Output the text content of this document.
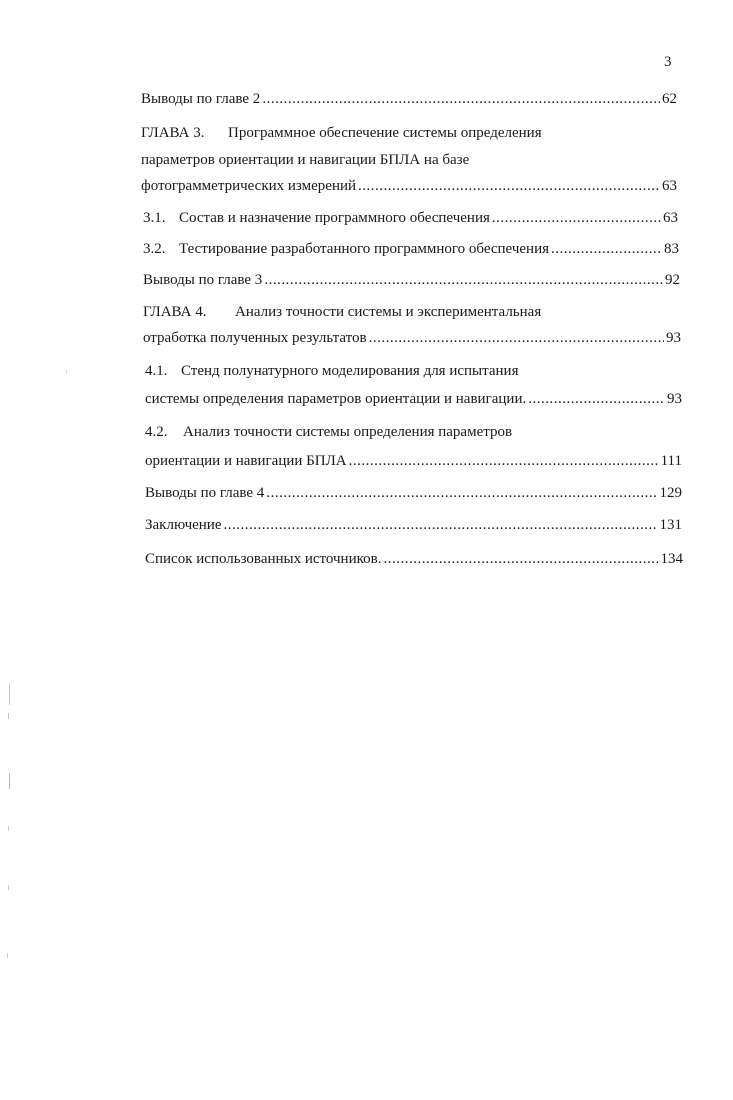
3
Выводы по главе 2 .....	62
ГЛАВА 3. Программное обеспечение системы определения
параметров ориентации и навигации БПЛА на базе
фотограмметрических измерений .....	63
3.1. Состав и назначение программного обеспечения .....	63
3.2. Тестирование разработанного программного обеспечения .....	83
Выводы по главе 3 .....	92
ГЛАВА 4. Анализ точности системы и экспериментальная
отработка полученных результатов .....	93
4.1. Стенд полунатурного моделирования для испытания
системы определения параметров ориентации и навигации. .....	93
4.2. Анализ точности системы определения параметров
ориентации и навигации БПЛА .....	111
Выводы по главе 4 .....	129
Заключение .....	131
Список использованных источников. .....	134
